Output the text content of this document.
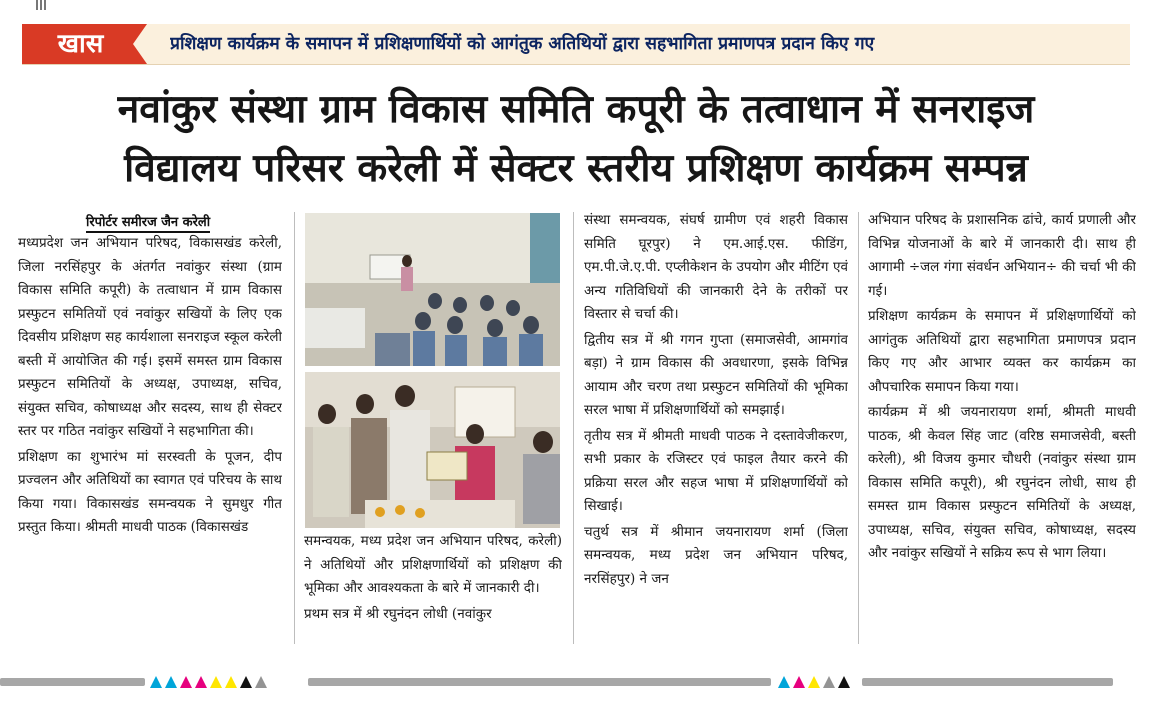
खास	प्रशिक्षण कार्यक्रम के समापन में प्रशिक्षणार्थियों को आगंतुक अतिथियों द्वारा सहभागिता प्रमाणपत्र प्रदान किए गए
नवांकुर संस्था ग्राम विकास समिति कपूरी के तत्वाधान में सनराइज
विद्यालय परिसर करेली में सेक्टर स्तरीय प्रशिक्षण कार्यक्रम सम्पन्न
रिपोर्टर समीरज जैन करेली

मध्यप्रदेश जन अभियान परिषद, विकासखंड करेली, जिला नरसिंहपुर के अंतर्गत नवांकुर संस्था (ग्राम विकास समिति कपूरी) के तत्वाधान में ग्राम विकास प्रस्फुटन समितियों एवं नवांकुर सखियों के लिए एक दिवसीय प्रशिक्षण सह कार्यशाला सनराइज स्कूल करेली बस्ती में आयोजित की गई। इसमें समस्त ग्राम विकास प्रस्फुटन समितियों के अध्यक्ष, उपाध्यक्ष, सचिव, संयुक्त सचिव, कोषाध्यक्ष और सदस्य, साथ ही सेक्टर स्तर पर गठित नवांकुर सखियों ने सहभागिता की।

प्रशिक्षण का शुभारंभ मां सरस्वती के पूजन, दीप प्रज्वलन और अतिथियों का स्वागत एवं परिचय के साथ किया गया। विकासखंड समन्वयक ने सुमधुर गीत प्रस्तुत किया। श्रीमती माधवी पाठक (विकासखंड

समन्वयक, मध्य प्रदेश जन अभियान परिषद, करेली) ने अतिथियों और प्रशिक्षणार्थियों को प्रशिक्षण की भूमिका और आवश्यकता के बारे में जानकारी दी।

प्रथम सत्र में श्री रघुनंदन लोधी (नवांकुर

संस्था समन्वयक, संघर्ष ग्रामीण एवं शहरी विकास समिति घूरपुर) ने एम.आई.एस. फीडिंग, एम.पी.जे.ए.पी. एप्लीकेशन के उपयोग और मीटिंग एवं अन्य गतिविधियों की जानकारी देने के तरीकों पर विस्तार से चर्चा की।

द्वितीय सत्र में श्री गगन गुप्ता (समाजसेवी, आमगांव बड़ा) ने ग्राम विकास की अवधारणा, इसके विभिन्न आयाम और चरण तथा प्रस्फुटन समितियों की भूमिका सरल भाषा में प्रशिक्षणार्थियों को समझाई।

तृतीय सत्र में श्रीमती माधवी पाठक ने दस्तावेजीकरण, सभी प्रकार के रजिस्टर एवं फाइल तैयार करने की प्रक्रिया सरल और सहज भाषा में प्रशिक्षणार्थियों को सिखाई।

चतुर्थ सत्र में श्रीमान जयनारायण शर्मा (जिला समन्वयक, मध्य प्रदेश जन अभियान परिषद, नरसिंहपुर) ने जन

अभियान परिषद के प्रशासनिक ढांचे, कार्य प्रणाली और विभिन्न योजनाओं के बारे में जानकारी दी। साथ ही आगामी ÷जल गंगा संवर्धन अभियान÷ की चर्चा भी की गई।

प्रशिक्षण कार्यक्रम के समापन में प्रशिक्षणार्थियों को आगंतुक अतिथियों द्वारा सहभागिता प्रमाणपत्र प्रदान किए गए और आभार व्यक्त कर कार्यक्रम का औपचारिक समापन किया गया।

कार्यक्रम में श्री जयनारायण शर्मा, श्रीमती माधवी पाठक, श्री केवल सिंह जाट (वरिष्ठ समाजसेवी, बस्ती करेली), श्री विजय कुमार चौधरी (नवांकुर संस्था ग्राम विकास समिति कपूरी), श्री रघुनंदन लोधी, साथ ही समस्त ग्राम विकास प्रस्फुटन समितियों के अध्यक्ष, उपाध्यक्ष, सचिव, संयुक्त सचिव, कोषाध्यक्ष, सदस्य और नवांकुर सखियों ने सक्रिय रूप से भाग लिया।
